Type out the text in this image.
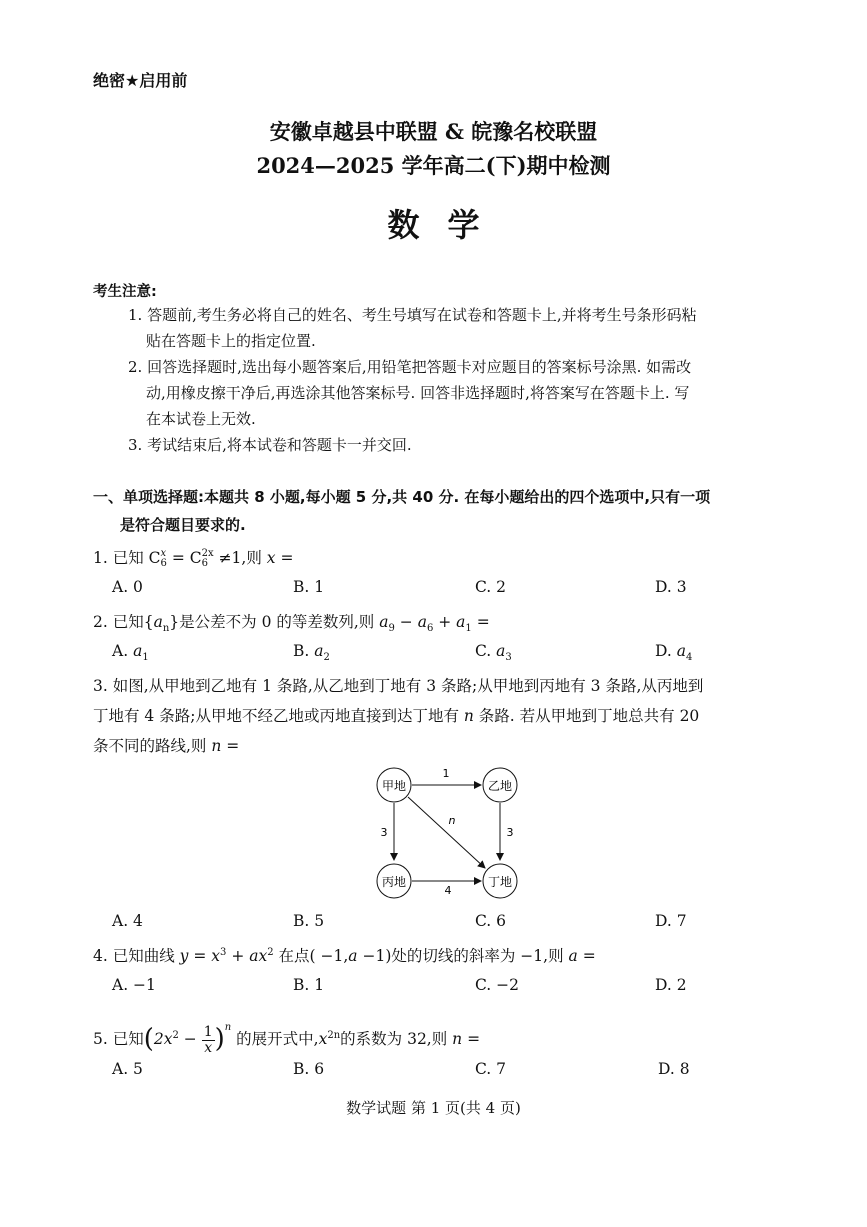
绝密★启用前
安徽卓越县中联盟 & 皖豫名校联盟
2024—2025 学年高二(下)期中检测
数学
考生注意:
1. 答题前,考生务必将自己的姓名、考生号填写在试卷和答题卡上,并将考生号条形码粘
贴在答题卡上的指定位置.
2. 回答选择题时,选出每小题答案后,用铅笔把答题卡对应题目的答案标号涂黑. 如需改
动,用橡皮擦干净后,再选涂其他答案标号. 回答非选择题时,将答案写在答题卡上. 写
在本试卷上无效.
3. 考试结束后,将本试卷和答题卡一并交回.
一、单项选择题:本题共 8 小题,每小题 5 分,共 40 分. 在每小题给出的四个选项中,只有一项
是符合题目要求的.
1. 已知 C x
6 = C 2x
6 ≠1,则 x =
A. 0	B. 1	C. 2	D. 3
2. 已知$\{a_n\}$是公差不为 0 的等差数列,则 $a_9 - a_6 + a_1$ =
A. $a_1$	B. $a_2$	C. $a_3$	D. $a_4$
3. 如图,从甲地到乙地有 1 条路,从乙地到丁地有 3 条路;从甲地到丙地有 3 条路,从丙地到
丁地有 4 条路;从甲地不经乙地或丙地直接到达丁地有 n 条路. 若从甲地到丁地总共有 20
条不同的路线,则 n =
甲地	乙地
丙地	丁地
1
3	3
4
n
A. 4	B. 5	C. 6	D. 7
4. 已知曲线 $y = x^3 + ax^2$ 在点( −1,a −1)处的切线的斜率为 −1,则 a =
A. −1	B. 1	C. −2	D. 2
5. 已知$(2x^2 - \frac{1}{x} )^n$ 的展开式中$,x^{2n}$的系数为 32,则 n =
A. 5	B. 6	C. 7	D. 8
数学试题 第 1 页(共 4 页)
